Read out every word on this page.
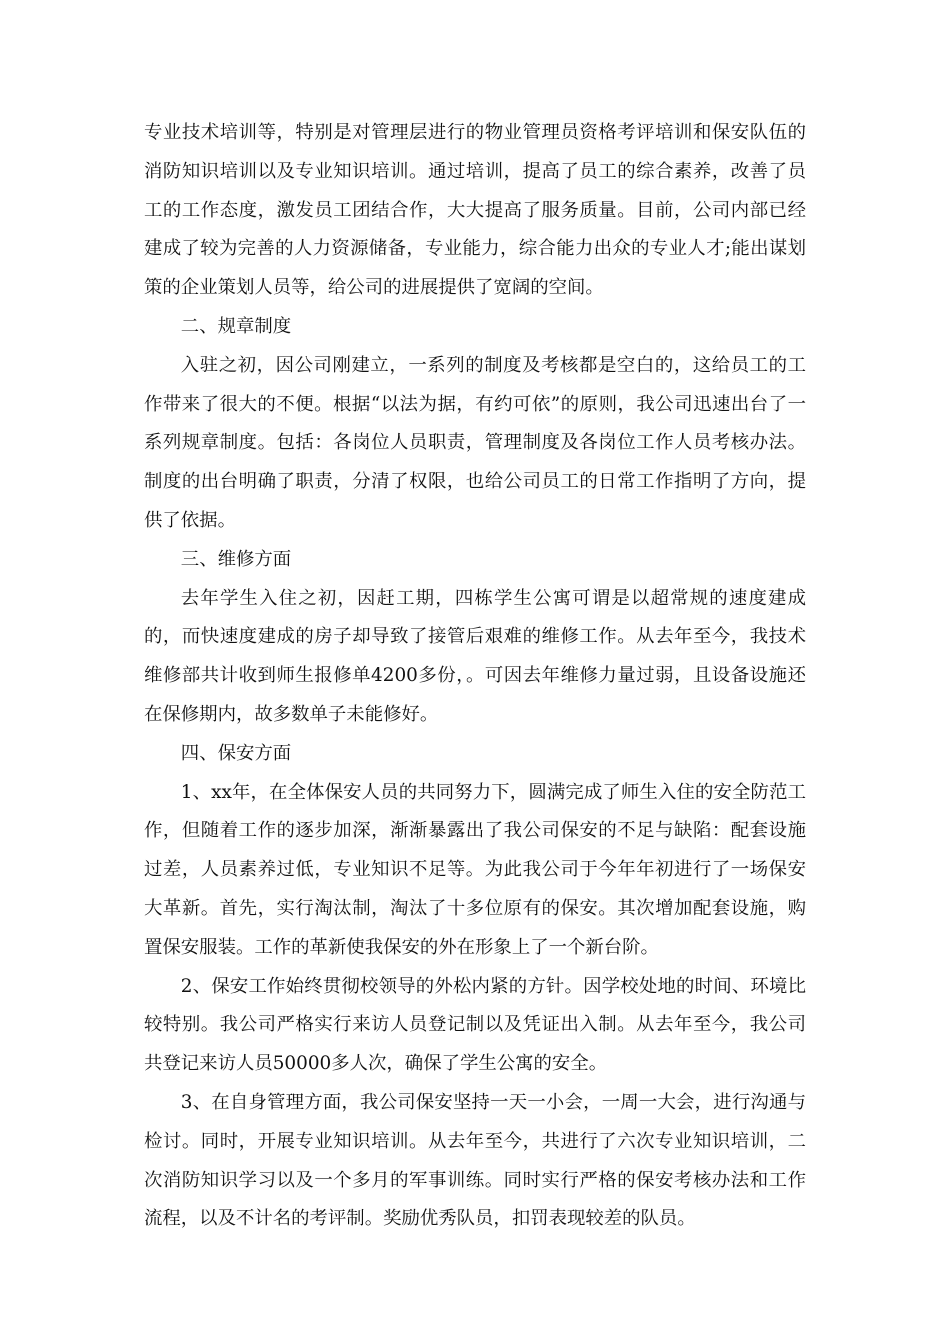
专业技术培训等，特别是对管理层进行的物业管理员资格考评培训和保安队伍的消防知识培训以及专业知识培训。通过培训，提高了员工的综合素养，改善了员工的工作态度，激发员工团结合作，大大提高了服务质量。目前，公司内部已经建成了较为完善的人力资源储备，专业能力，综合能力出众的专业人才;能出谋划策的企业策划人员等，给公司的进展提供了宽阔的空间。

二、规章制度

入驻之初，因公司刚建立，一系列的制度及考核都是空白的，这给员工的工作带来了很大的不便。根据“以法为据，有约可依”的原则，我公司迅速出台了一系列规章制度。包括：各岗位人员职责，管理制度及各岗位工作人员考核办法。制度的出台明确了职责，分清了权限，也给公司员工的日常工作指明了方向，提供了依据。

三、维修方面

去年学生入住之初，因赶工期，四栋学生公寓可谓是以超常规的速度建成的，而快速度建成的房子却导致了接管后艰难的维修工作。从去年至今，我技术维修部共计收到师生报修单4200多份，。可因去年维修力量过弱，且设备设施还在保修期内，故多数单子未能修好。

四、保安方面

1、xx年，在全体保安人员的共同努力下，圆满完成了师生入住的安全防范工作，但随着工作的逐步加深，渐渐暴露出了我公司保安的不足与缺陷：配套设施过差，人员素养过低，专业知识不足等。为此我公司于今年年初进行了一场保安大革新。首先，实行淘汰制，淘汰了十多位原有的保安。其次增加配套设施，购置保安服装。工作的革新使我保安的外在形象上了一个新台阶。

2、保安工作始终贯彻校领导的外松内紧的方针。因学校处地的时间、环境比较特别。我公司严格实行来访人员登记制以及凭证出入制。从去年至今，我公司共登记来访人员50000多人次，确保了学生公寓的安全。

3、在自身管理方面，我公司保安坚持一天一小会，一周一大会，进行沟通与检讨。同时，开展专业知识培训。从去年至今，共进行了六次专业知识培训，二次消防知识学习以及一个多月的军事训练。同时实行严格的保安考核办法和工作流程，以及不计名的考评制。奖励优秀队员，扣罚表现较差的队员。
